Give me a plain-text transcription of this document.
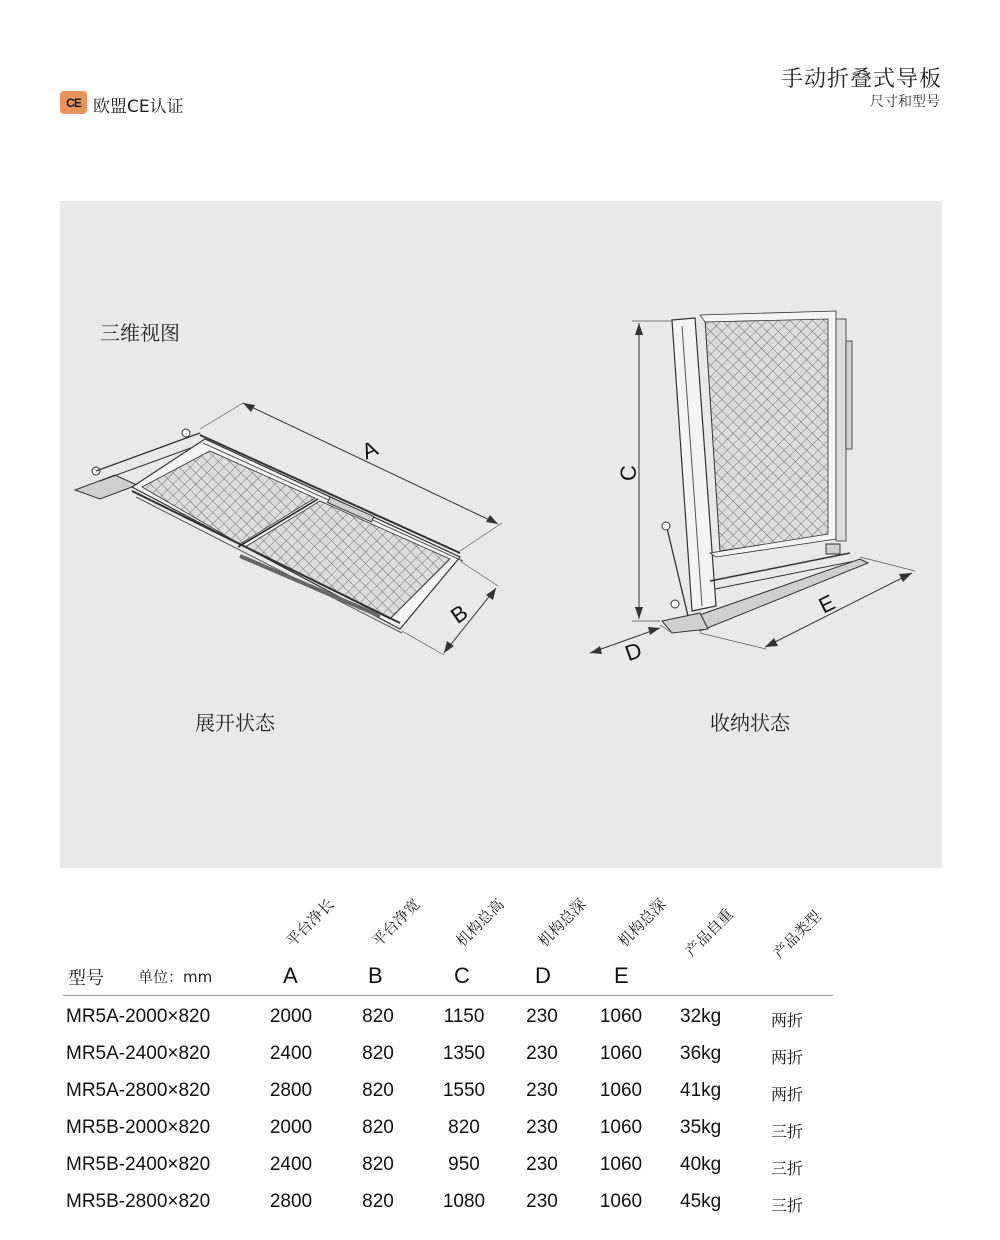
CE 欧盟CE认证
手动折叠式导板
尺寸和型号
A
B
C
D
E
三维视图
展开状态	收纳状态
平台净长 平台净宽 机构总高 机构总深 机构总深 产品自重 产品类型
型号 单位：mm	A	B	C	D	E
MR5A-2000×820	2000	820	1150	230	1060	32kg	两折
MR5A-2400×820	2400	820	1350	230	1060	36kg	两折
MR5A-2800×820	2800	820	1550	230	1060	41kg	两折
MR5B-2000×820	2000	820	820	230	1060	35kg	三折
MR5B-2400×820	2400	820	950	230	1060	40kg	三折
MR5B-2800×820	2800	820	1080	230	1060	45kg	三折
